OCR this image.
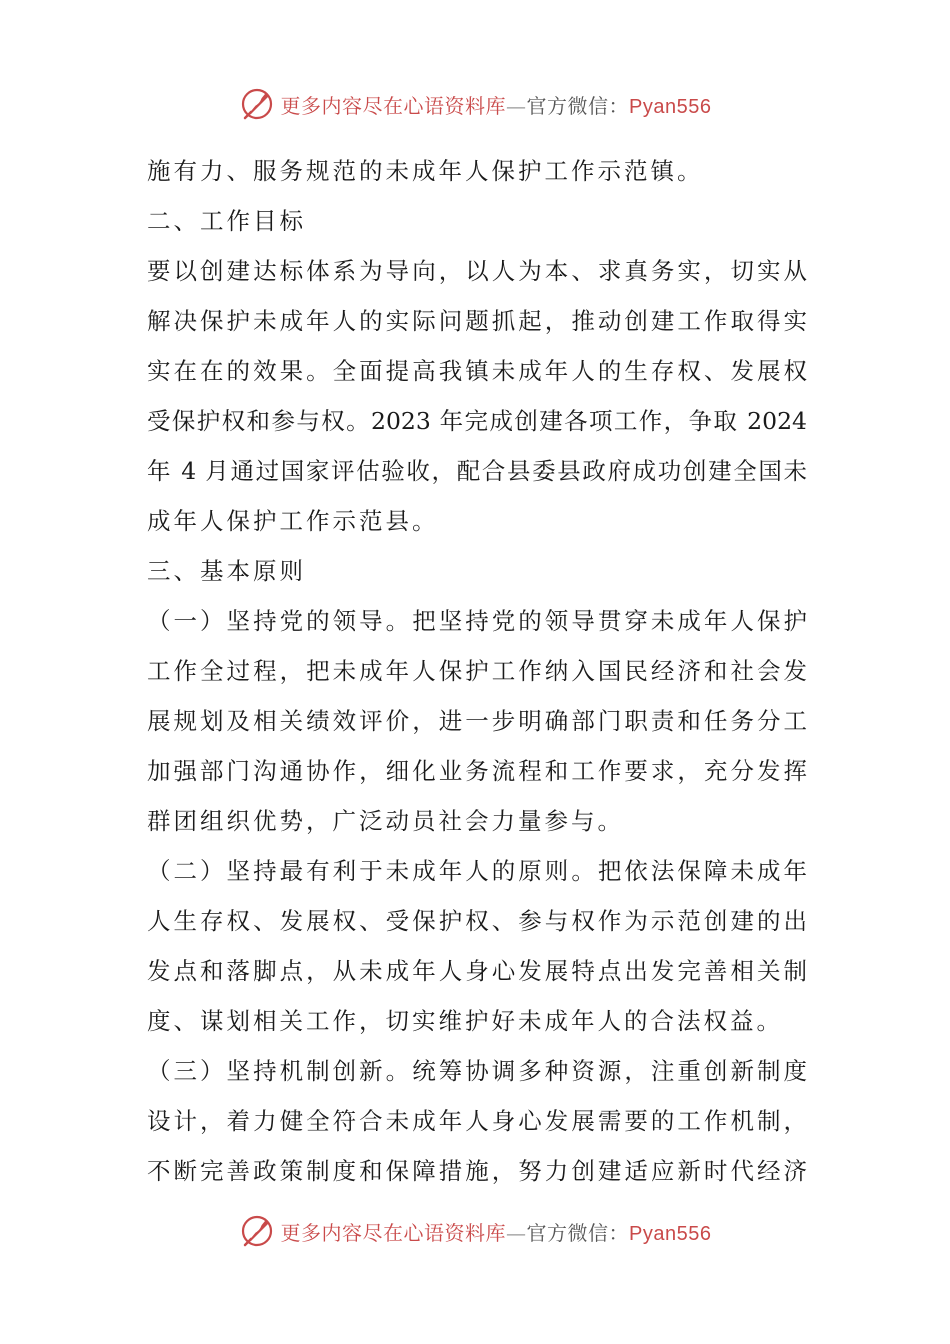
更多内容尽在心语资料库—官方微信：Pyan556
施有力、服务规范的未成年人保护工作示范镇。
二、工作目标
要以创建达标体系为导向，以人为本、求真务实，切实从
解决保护未成年人的实际问题抓起，推动创建工作取得实
实在在的效果。全面提高我镇未成年人的生存权、发展权
受保护权和参与权。2023 年完成创建各项工作，争取 2024
年 4 月通过国家评估验收，配合县委县政府成功创建全国未
成年人保护工作示范县。
三、基本原则
（一）坚持党的领导。把坚持党的领导贯穿未成年人保护
工作全过程，把未成年人保护工作纳入国民经济和社会发
展规划及相关绩效评价，进一步明确部门职责和任务分工
加强部门沟通协作，细化业务流程和工作要求，充分发挥
群团组织优势，广泛动员社会力量参与。
（二）坚持最有利于未成年人的原则。把依法保障未成年
人生存权、发展权、受保护权、参与权作为示范创建的出
发点和落脚点，从未成年人身心发展特点出发完善相关制
度、谋划相关工作，切实维护好未成年人的合法权益。
（三）坚持机制创新。统筹协调多种资源，注重创新制度
设计，着力健全符合未成年人身心发展需要的工作机制，
不断完善政策制度和保障措施，努力创建适应新时代经济
更多内容尽在心语资料库—官方微信：Pyan556
